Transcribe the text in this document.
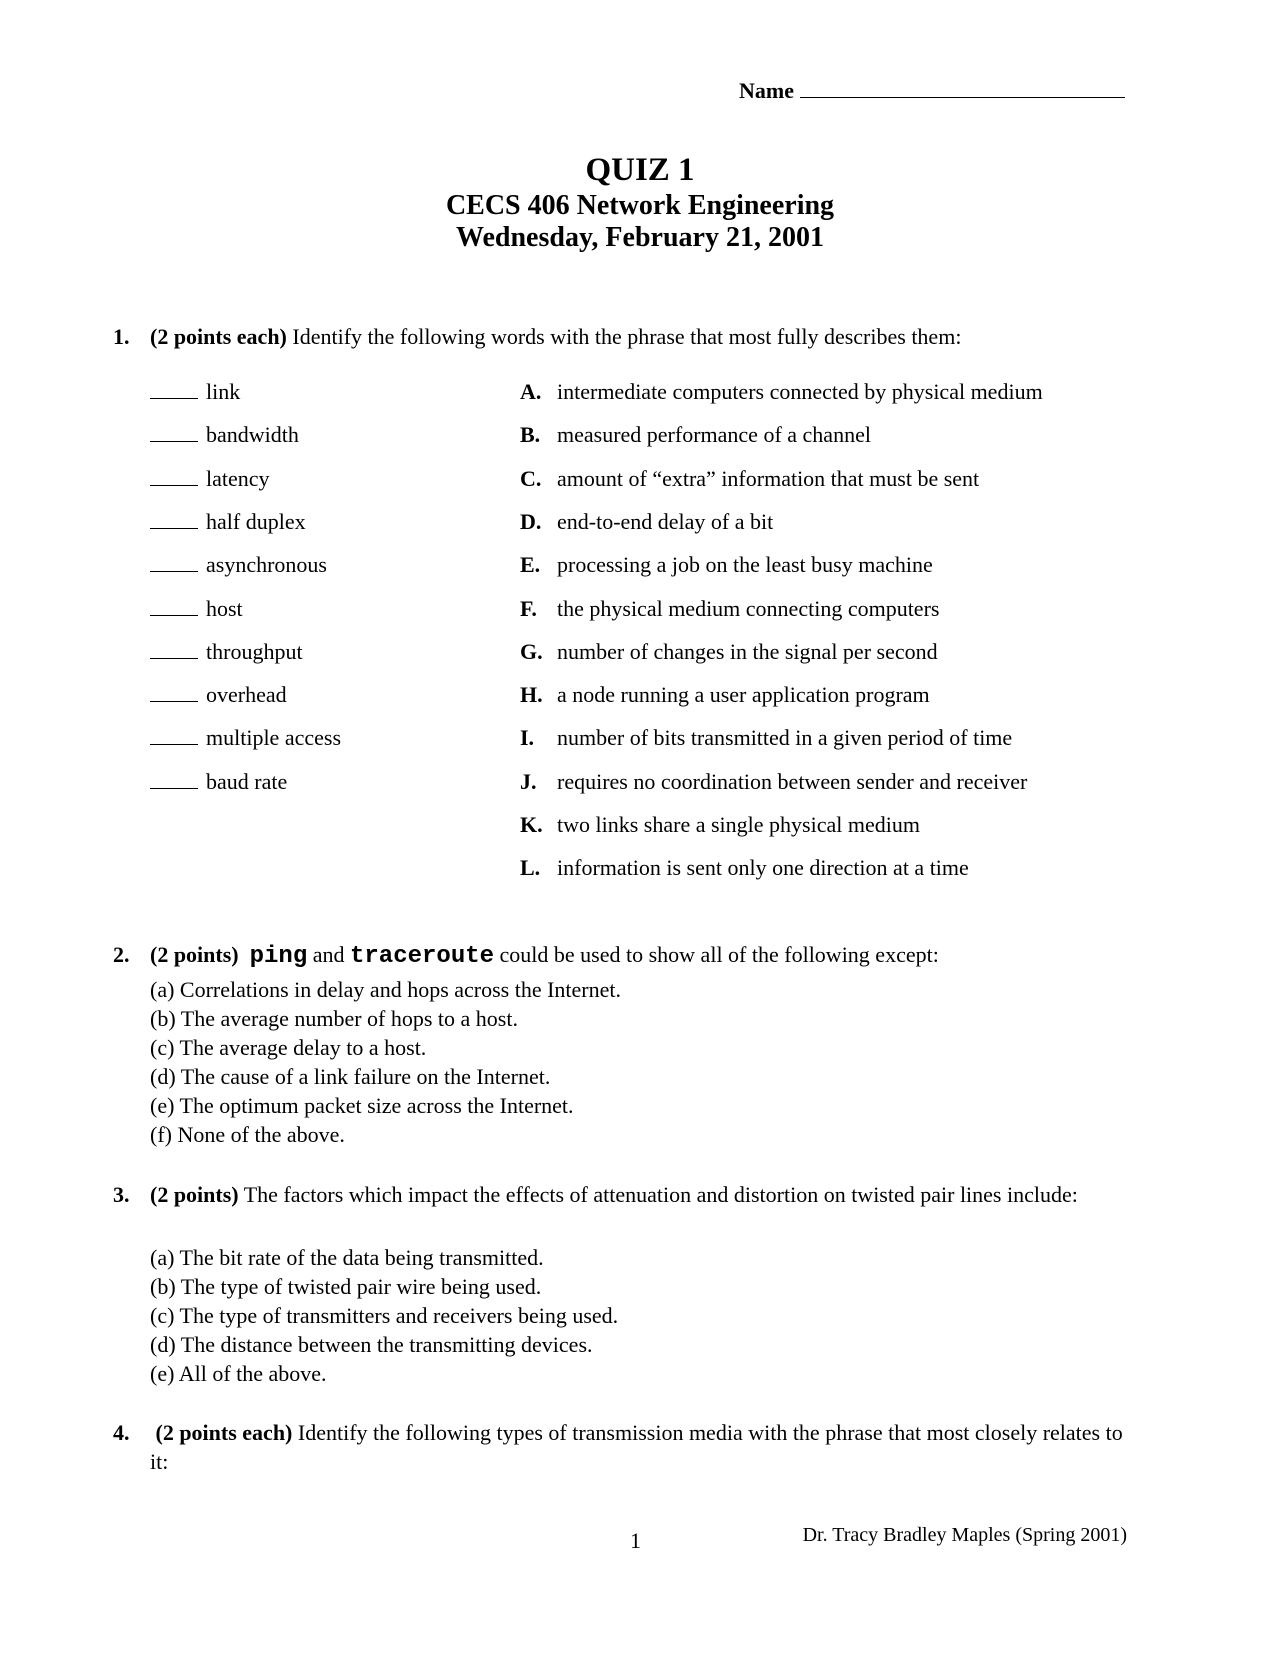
Name
QUIZ 1
CECS 406 Network Engineering
Wednesday, February 21, 2001
1. (2 points each) Identify the following words with the phrase that most fully describes them:
link
bandwidth
latency
half duplex
asynchronous
host
throughput
overhead
multiple access
baud rate
A. intermediate computers connected by physical medium
B. measured performance of a channel
C. amount of “extra” information that must be sent
D. end-to-end delay of a bit
E. processing a job on the least busy machine
F. the physical medium connecting computers
G. number of changes in the signal per second
H. a node running a user application program
I. number of bits transmitted in a given period of time
J. requires no coordination between sender and receiver
K. two links share a single physical medium
L. information is sent only one direction at a time
2. (2 points) ping and traceroute could be used to show all of the following except:
(a) Correlations in delay and hops across the Internet.
(b) The average number of hops to a host.
(c) The average delay to a host.
(d) The cause of a link failure on the Internet.
(e) The optimum packet size across the Internet.
(f) None of the above.
3. (2 points) The factors which impact the effects of attenuation and distortion on twisted pair lines include:
(a) The bit rate of the data being transmitted.
(b) The type of twisted pair wire being used.
(c) The type of transmitters and receivers being used.
(d) The distance between the transmitting devices.
(e) All of the above.
4. (2 points each) Identify the following types of transmission media with the phrase that most closely relates to it:
1	Dr. Tracy Bradley Maples (Spring 2001)
